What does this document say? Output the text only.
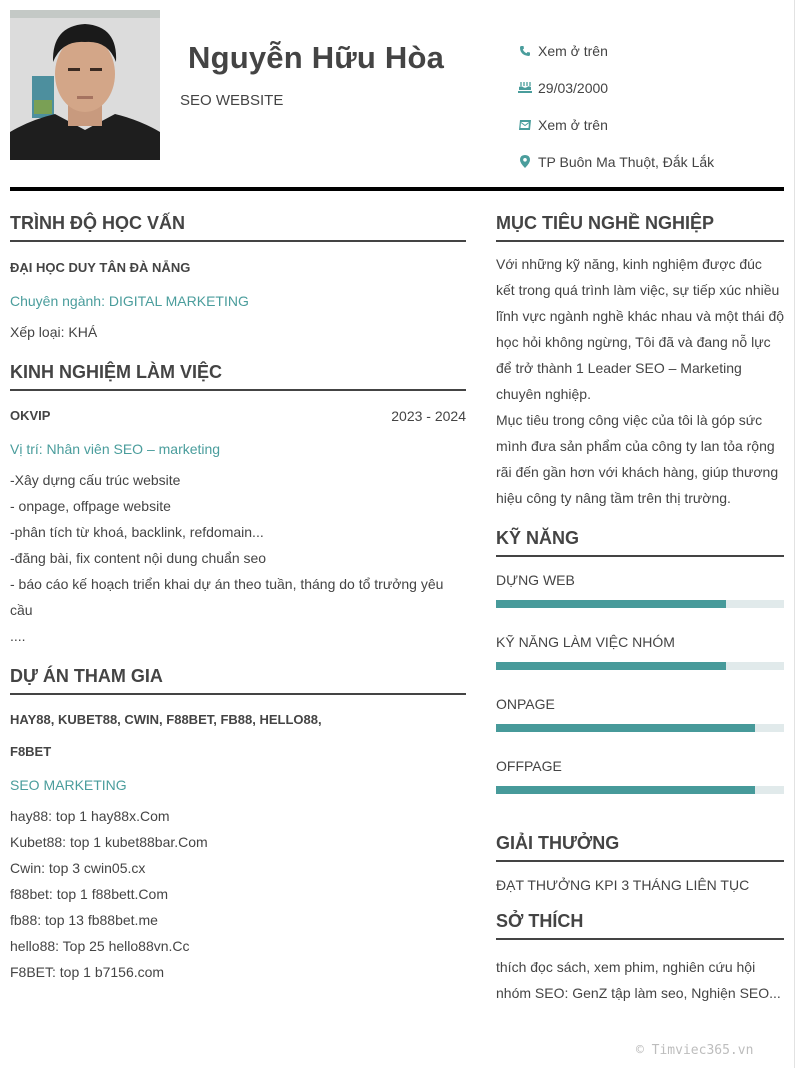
Nguyễn Hữu Hòa
SEO WEBSITE
Xem ở trên
29/03/2000
Xem ở trên
TP Buôn Ma Thuột, Đắk Lắk
TRÌNH ĐỘ HỌC VẤN
ĐẠI HỌC DUY TÂN ĐÀ NẴNG
Chuyên ngành: DIGITAL MARKETING
Xếp loại: KHÁ
KINH NGHIỆM LÀM VIỆC
OKVIP	2023 - 2024
Vị trí: Nhân viên SEO – marketing
-Xây dựng cấu trúc website
- onpage, offpage website
-phân tích từ khoá, backlink, refdomain...
-đăng bài, fix content nội dung chuẩn seo
- báo cáo kế hoạch triển khai dự án theo tuần, tháng do tổ trưởng yêu cầu
....
DỰ ÁN THAM GIA
HAY88, KUBET88, CWIN, F88BET, FB88, HELLO88,
F8BET
SEO MARKETING
hay88: top 1 hay88x.Com
Kubet88: top 1 kubet88bar.Com
Cwin: top 3 cwin05.cx
f88bet: top 1 f88bett.Com
fb88: top 13 fb88bet.me
hello88: Top 25 hello88vn.Cc
F8BET: top 1 b7156.com
MỤC TIÊU NGHỀ NGHIỆP
Với những kỹ năng, kinh nghiệm được đúc kết trong quá trình làm việc, sự tiếp xúc nhiều lĩnh vực ngành nghề khác nhau và một thái độ học hỏi không ngừng, Tôi đã và đang nỗ lực để trở thành 1 Leader SEO – Marketing chuyên nghiệp.
Mục tiêu trong công việc của tôi là góp sức mình đưa sản phẩm của công ty lan tỏa rộng rãi đến gần hơn với khách hàng, giúp thương hiệu công ty nâng tầm trên thị trường.
KỸ NĂNG
DỰNG WEB
KỸ NĂNG LÀM VIỆC NHÓM
ONPAGE
OFFPAGE
GIẢI THƯỞNG
ĐẠT THƯỞNG KPI 3 THÁNG LIÊN TỤC
SỞ THÍCH
thích đọc sách, xem phim, nghiên cứu hội nhóm SEO: GenZ tập làm seo, Nghiện SEO...
© Timviec365.vn
